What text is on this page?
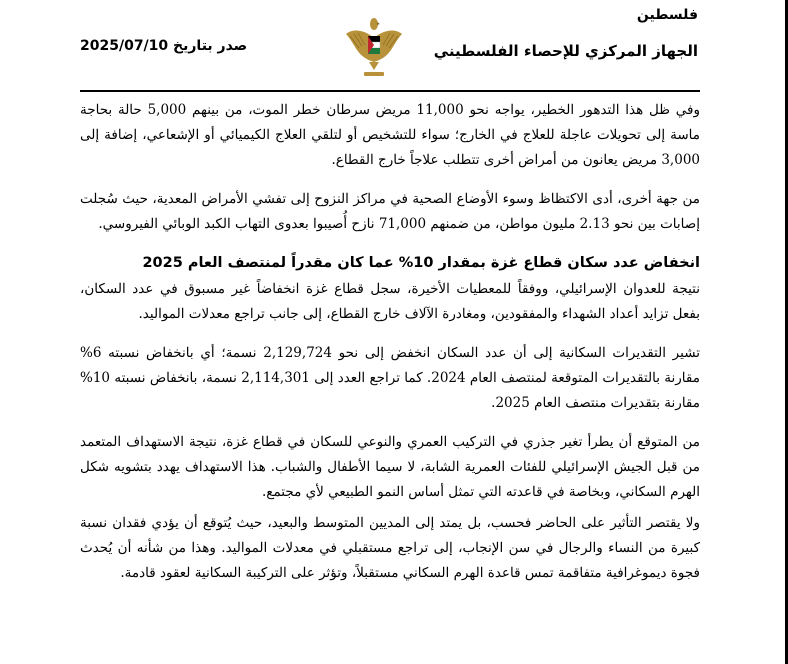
فلسطين
الجهاز المركزي للإحصاء الفلسطيني
صدر بتاريخ 2025/07/10

وفي ظل هذا التدهور الخطير، يواجه نحو 11,000 مريض سرطان خطر الموت، من بينهم 5,000 حالة بحاجة ماسة إلى تحويلات عاجلة للعلاج في الخارج؛ سواء للتشخيص أو لتلقي العلاج الكيميائي أو الإشعاعي، إضافة إلى 3,000 مريض يعانون من أمراض أخرى تتطلب علاجاً خارج القطاع.

من جهة أخرى، أدى الاكتظاظ وسوء الأوضاع الصحية في مراكز النزوح إلى تفشي الأمراض المعدية، حيث سُجلت إصابات بين نحو 2.13 مليون مواطن، من ضمنهم 71,000 نازح أُصيبوا بعدوى التهاب الكبد الوبائي الفيروسي.

انخفاض عدد سكان قطاع غزة بمقدار 10% عما كان مقدراً لمنتصف العام 2025

نتيجة للعدوان الإسرائيلي، ووفقاً للمعطيات الأخيرة، سجل قطاع غزة انخفاضاً غير مسبوق في عدد السكان، بفعل تزايد أعداد الشهداء والمفقودين، ومغادرة الآلاف خارج القطاع، إلى جانب تراجع معدلات المواليد.

تشير التقديرات السكانية إلى أن عدد السكان انخفض إلى نحو 2,129,724 نسمة؛ أي بانخفاض نسبته 6% مقارنة بالتقديرات المتوقعة لمنتصف العام 2024. كما تراجع العدد إلى 2,114,301 نسمة، بانخفاض نسبته 10% مقارنة بتقديرات منتصف العام 2025.

من المتوقع أن يطرأ تغير جذري في التركيب العمري والنوعي للسكان في قطاع غزة، نتيجة الاستهداف المتعمد من قبل الجيش الإسرائيلي للفئات العمرية الشابة، لا سيما الأطفال والشباب. هذا الاستهداف يهدد بتشويه شكل الهرم السكاني، وبخاصة في قاعدته التي تمثل أساس النمو الطبيعي لأي مجتمع.

ولا يقتصر التأثير على الحاضر فحسب، بل يمتد إلى المديين المتوسط والبعيد، حيث يُتوقع أن يؤدي فقدان نسبة كبيرة من النساء والرجال في سن الإنجاب، إلى تراجع مستقبلي في معدلات المواليد. وهذا من شأنه أن يُحدث فجوة ديموغرافية متفاقمة تمس قاعدة الهرم السكاني مستقبلاً، وتؤثر على التركيبة السكانية لعقود قادمة.
